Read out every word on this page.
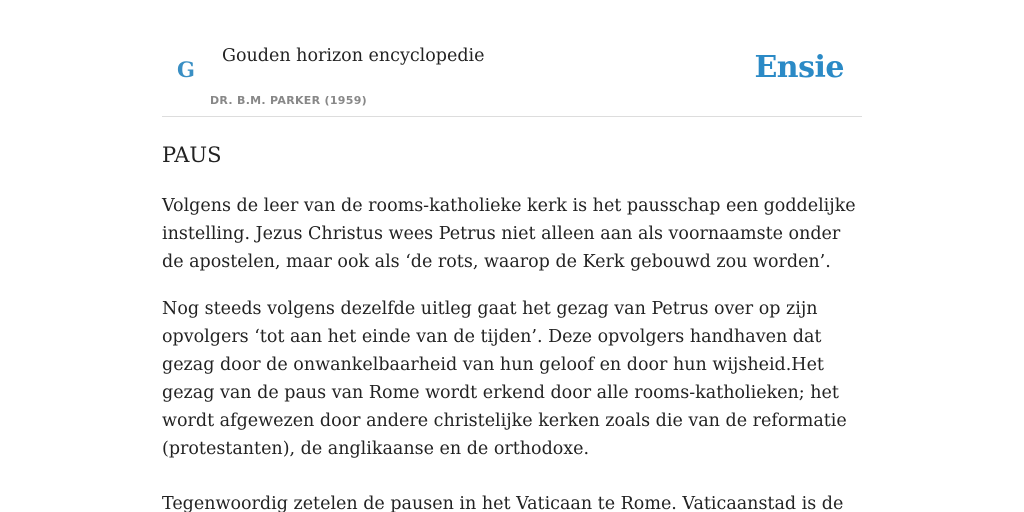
G
Gouden horizon encyclopedie
DR. B.M. PARKER (1959)
Ensie
PAUS

Volgens de leer van de rooms-katholieke kerk is het pausschap een goddelijke instelling. Jezus Christus wees Petrus niet alleen aan als voornaamste onder de apostelen, maar ook als ‘de rots, waarop de Kerk gebouwd zou worden’.

Nog steeds volgens dezelfde uitleg gaat het gezag van Petrus over op zijn opvolgers ‘tot aan het einde van de tijden’. Deze opvolgers handhaven dat gezag door de onwankelbaarheid van hun geloof en door hun wijsheid.Het gezag van de paus van Rome wordt erkend door alle rooms-katholieken; het wordt afgewezen door andere christelijke kerken zoals die van de reformatie (protestanten), de anglikaanse en de orthodoxe.

Tegenwoordig zetelen de pausen in het Vaticaan te Rome. Vaticaanstad is de
